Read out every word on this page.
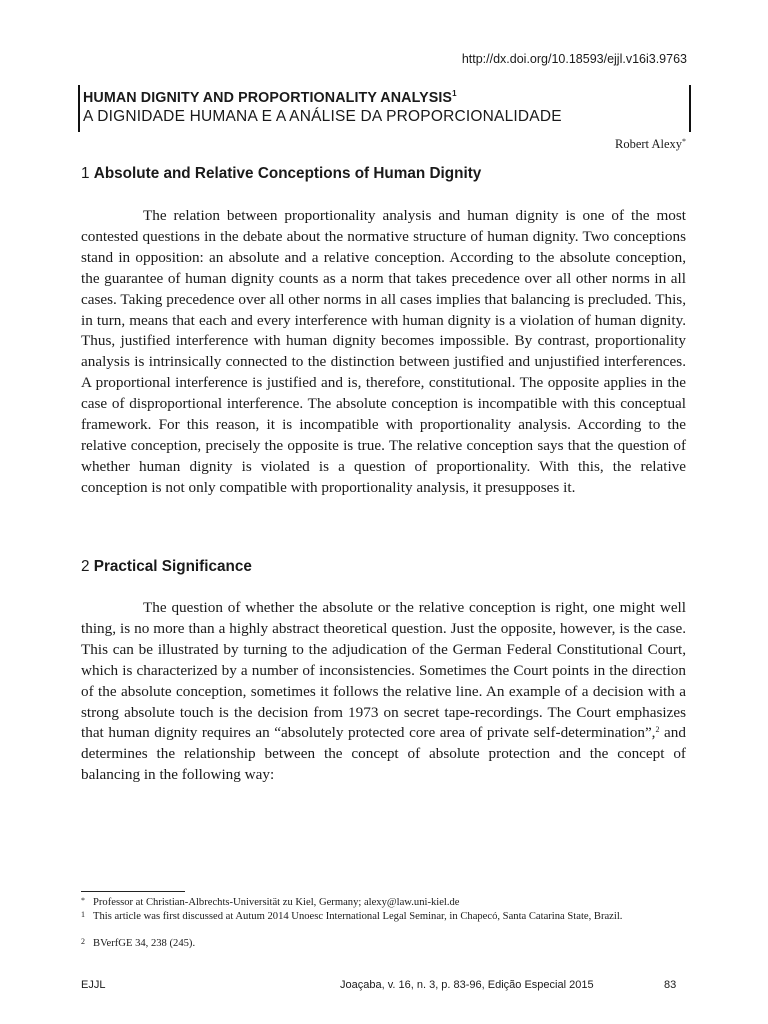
http://dx.doi.org/10.18593/ejjl.v16i3.9763
HUMAN DIGNITY AND PROPORTIONALITY ANALYSIS$^1$
A DIGNIDADE HUMANA E A ANÁLISE DA PROPORCIONALIDADE
Robert Alexy*
1 Absolute and Relative Conceptions of Human Dignity
The relation between proportionality analysis and human dignity is one of the most contested questions in the debate about the normative structure of human dignity. Two conceptions stand in opposition: an absolute and a relative conception. According to the absolute conception, the guarantee of human dignity counts as a norm that takes precedence over all other norms in all cases. Taking precedence over all other norms in all cases implies that balancing is precluded. This, in turn, means that each and every interference with human dignity is a violation of human dignity. Thus, justified interference with human dignity becomes impossible. By contrast, proportionality analysis is intrinsically connected to the distinction between justified and unjustified interferences. A proportional interference is justified and is, therefore, constitutional. The opposite applies in the case of disproportional interference. The absolute conception is incompatible with this conceptual framework. For this reason, it is incompatible with proportionality analysis. According to the relative conception, precisely the opposite is true. The relative conception says that the question of whether human dignity is violated is a question of proportionality. With this, the relative conception is not only compatible with proportionality analysis, it presupposes it.
2 Practical Significance
The question of whether the absolute or the relative conception is right, one might well thing, is no more than a highly abstract theoretical question. Just the opposite, however, is the case. This can be illustrated by turning to the adjudication of the German Federal Constitutional Court, which is characterized by a number of inconsistencies. Sometimes the Court points in the direction of the absolute conception, sometimes it follows the relative line. An example of a decision with a strong absolute touch is the decision from 1973 on secret tape-recordings. The Court emphasizes that human dignity requires an “absolutely protected core area of private self-determination”,$^2$ and determines the relationship between the concept of absolute protection and the concept of balancing in the following way:
* Professor at Christian-Albrechts-Universität zu Kiel, Germany; alexy@law.uni-kiel.de
1 This article was first discussed at Autum 2014 Unoesc International Legal Seminar, in Chapecó, Santa Catarina State, Brazil.
2 BVerfGE 34, 238 (245).
EJJL	Joaçaba, v. 16, n. 3, p. 83-96, Edição Especial 2015	83
